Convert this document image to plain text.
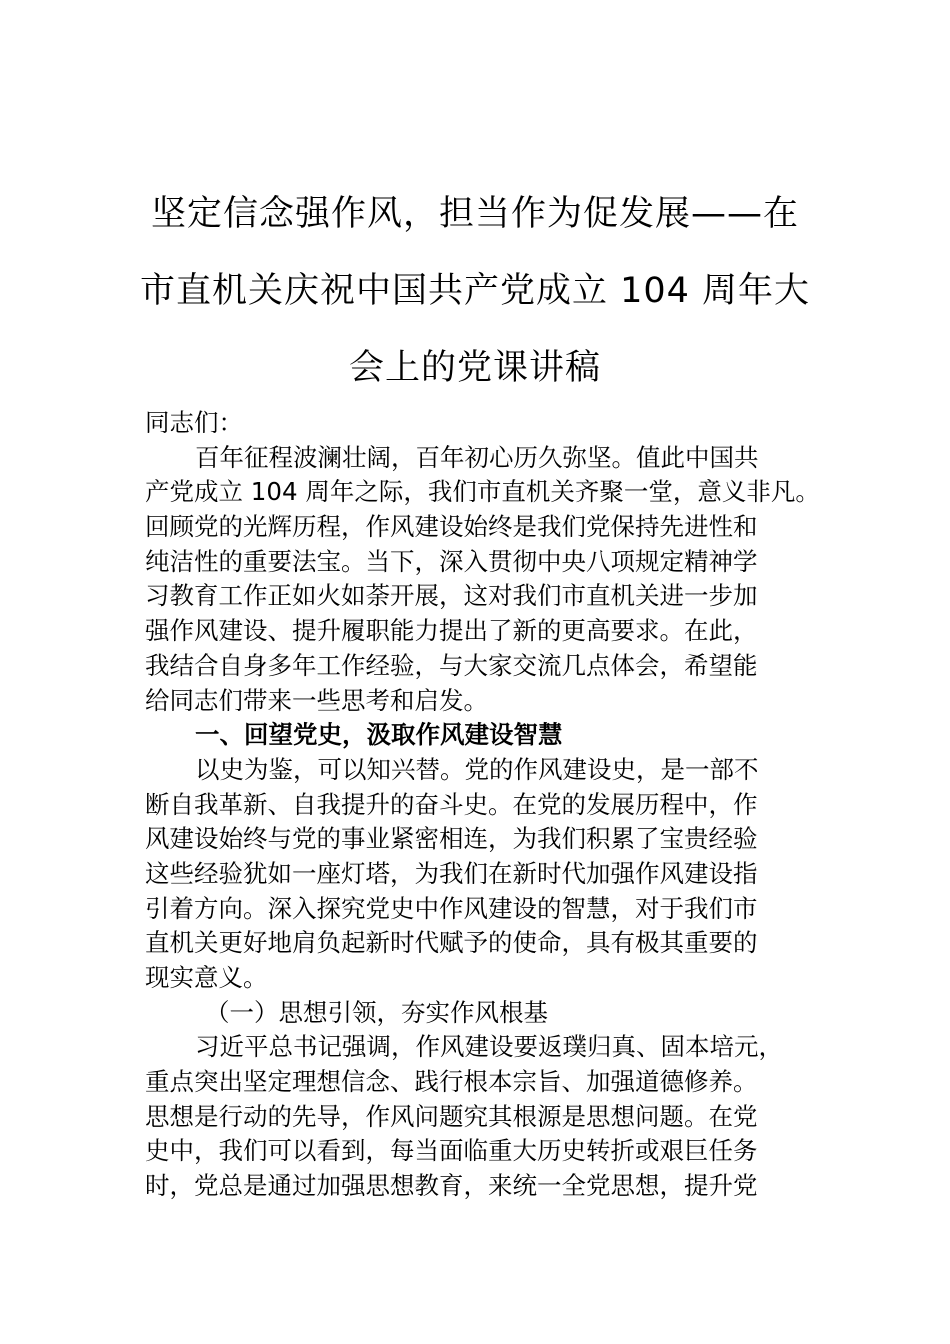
坚定信念强作风，担当作为促发展——在
市直机关庆祝中国共产党成立 104 周年大
会上的党课讲稿
同志们：
百年征程波澜壮阔，百年初心历久弥坚。值此中国共
产党成立 104 周年之际，我们市直机关齐聚一堂，意义非凡。
回顾党的光辉历程，作风建设始终是我们党保持先进性和
纯洁性的重要法宝。当下，深入贯彻中央八项规定精神学
习教育工作正如火如荼开展，这对我们市直机关进一步加
强作风建设、提升履职能力提出了新的更高要求。在此，
我结合自身多年工作经验，与大家交流几点体会，希望能
给同志们带来一些思考和启发。
一、回望党史，汲取作风建设智慧
以史为鉴，可以知兴替。党的作风建设史，是一部不
断自我革新、自我提升的奋斗史。在党的发展历程中，作
风建设始终与党的事业紧密相连，为我们积累了宝贵经验
这些经验犹如一座灯塔，为我们在新时代加强作风建设指
引着方向。深入探究党史中作风建设的智慧，对于我们市
直机关更好地肩负起新时代赋予的使命，具有极其重要的
现实意义。
（一）思想引领，夯实作风根基
习近平总书记强调，作风建设要返璞归真、固本培元，
重点突出坚定理想信念、践行根本宗旨、加强道德修养。
思想是行动的先导，作风问题究其根源是思想问题。在党
史中，我们可以看到，每当面临重大历史转折或艰巨任务
时，党总是通过加强思想教育，来统一全党思想，提升党
